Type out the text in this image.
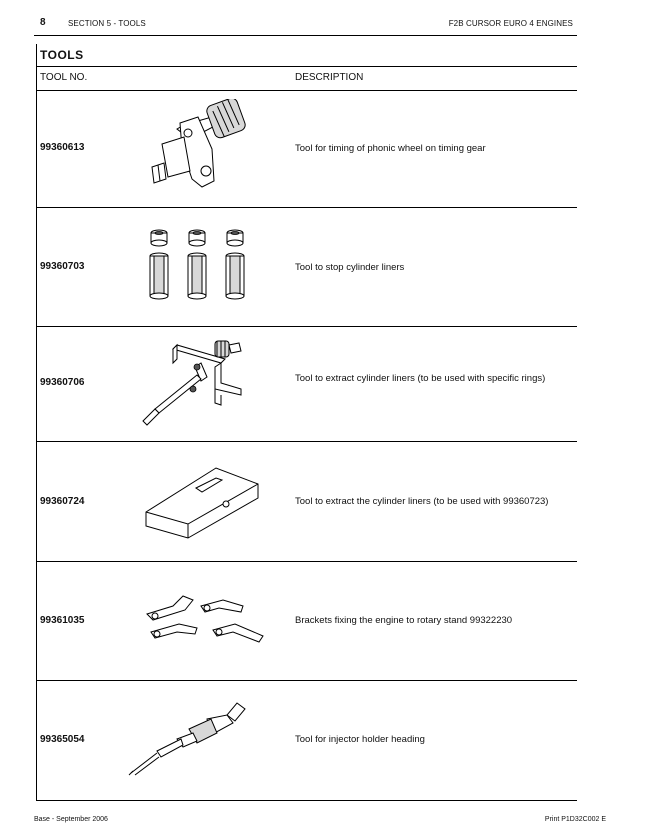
8	SECTION 5 - TOOLS	F2B CURSOR EURO 4 ENGINES
TOOLS
TOOL NO.	DESCRIPTION
99360613	Tool for timing of phonic wheel on timing gear
99360703	Tool to stop cylinder liners
99360706	Tool to extract cylinder liners (to be used with specific rings)
99360724	Tool to extract the cylinder liners (to be used with 99360723)
99361035	Brackets fixing the engine to rotary stand 99322230
99365054	Tool for injector holder heading
Base - September 2006	Print P1D32C002 E
